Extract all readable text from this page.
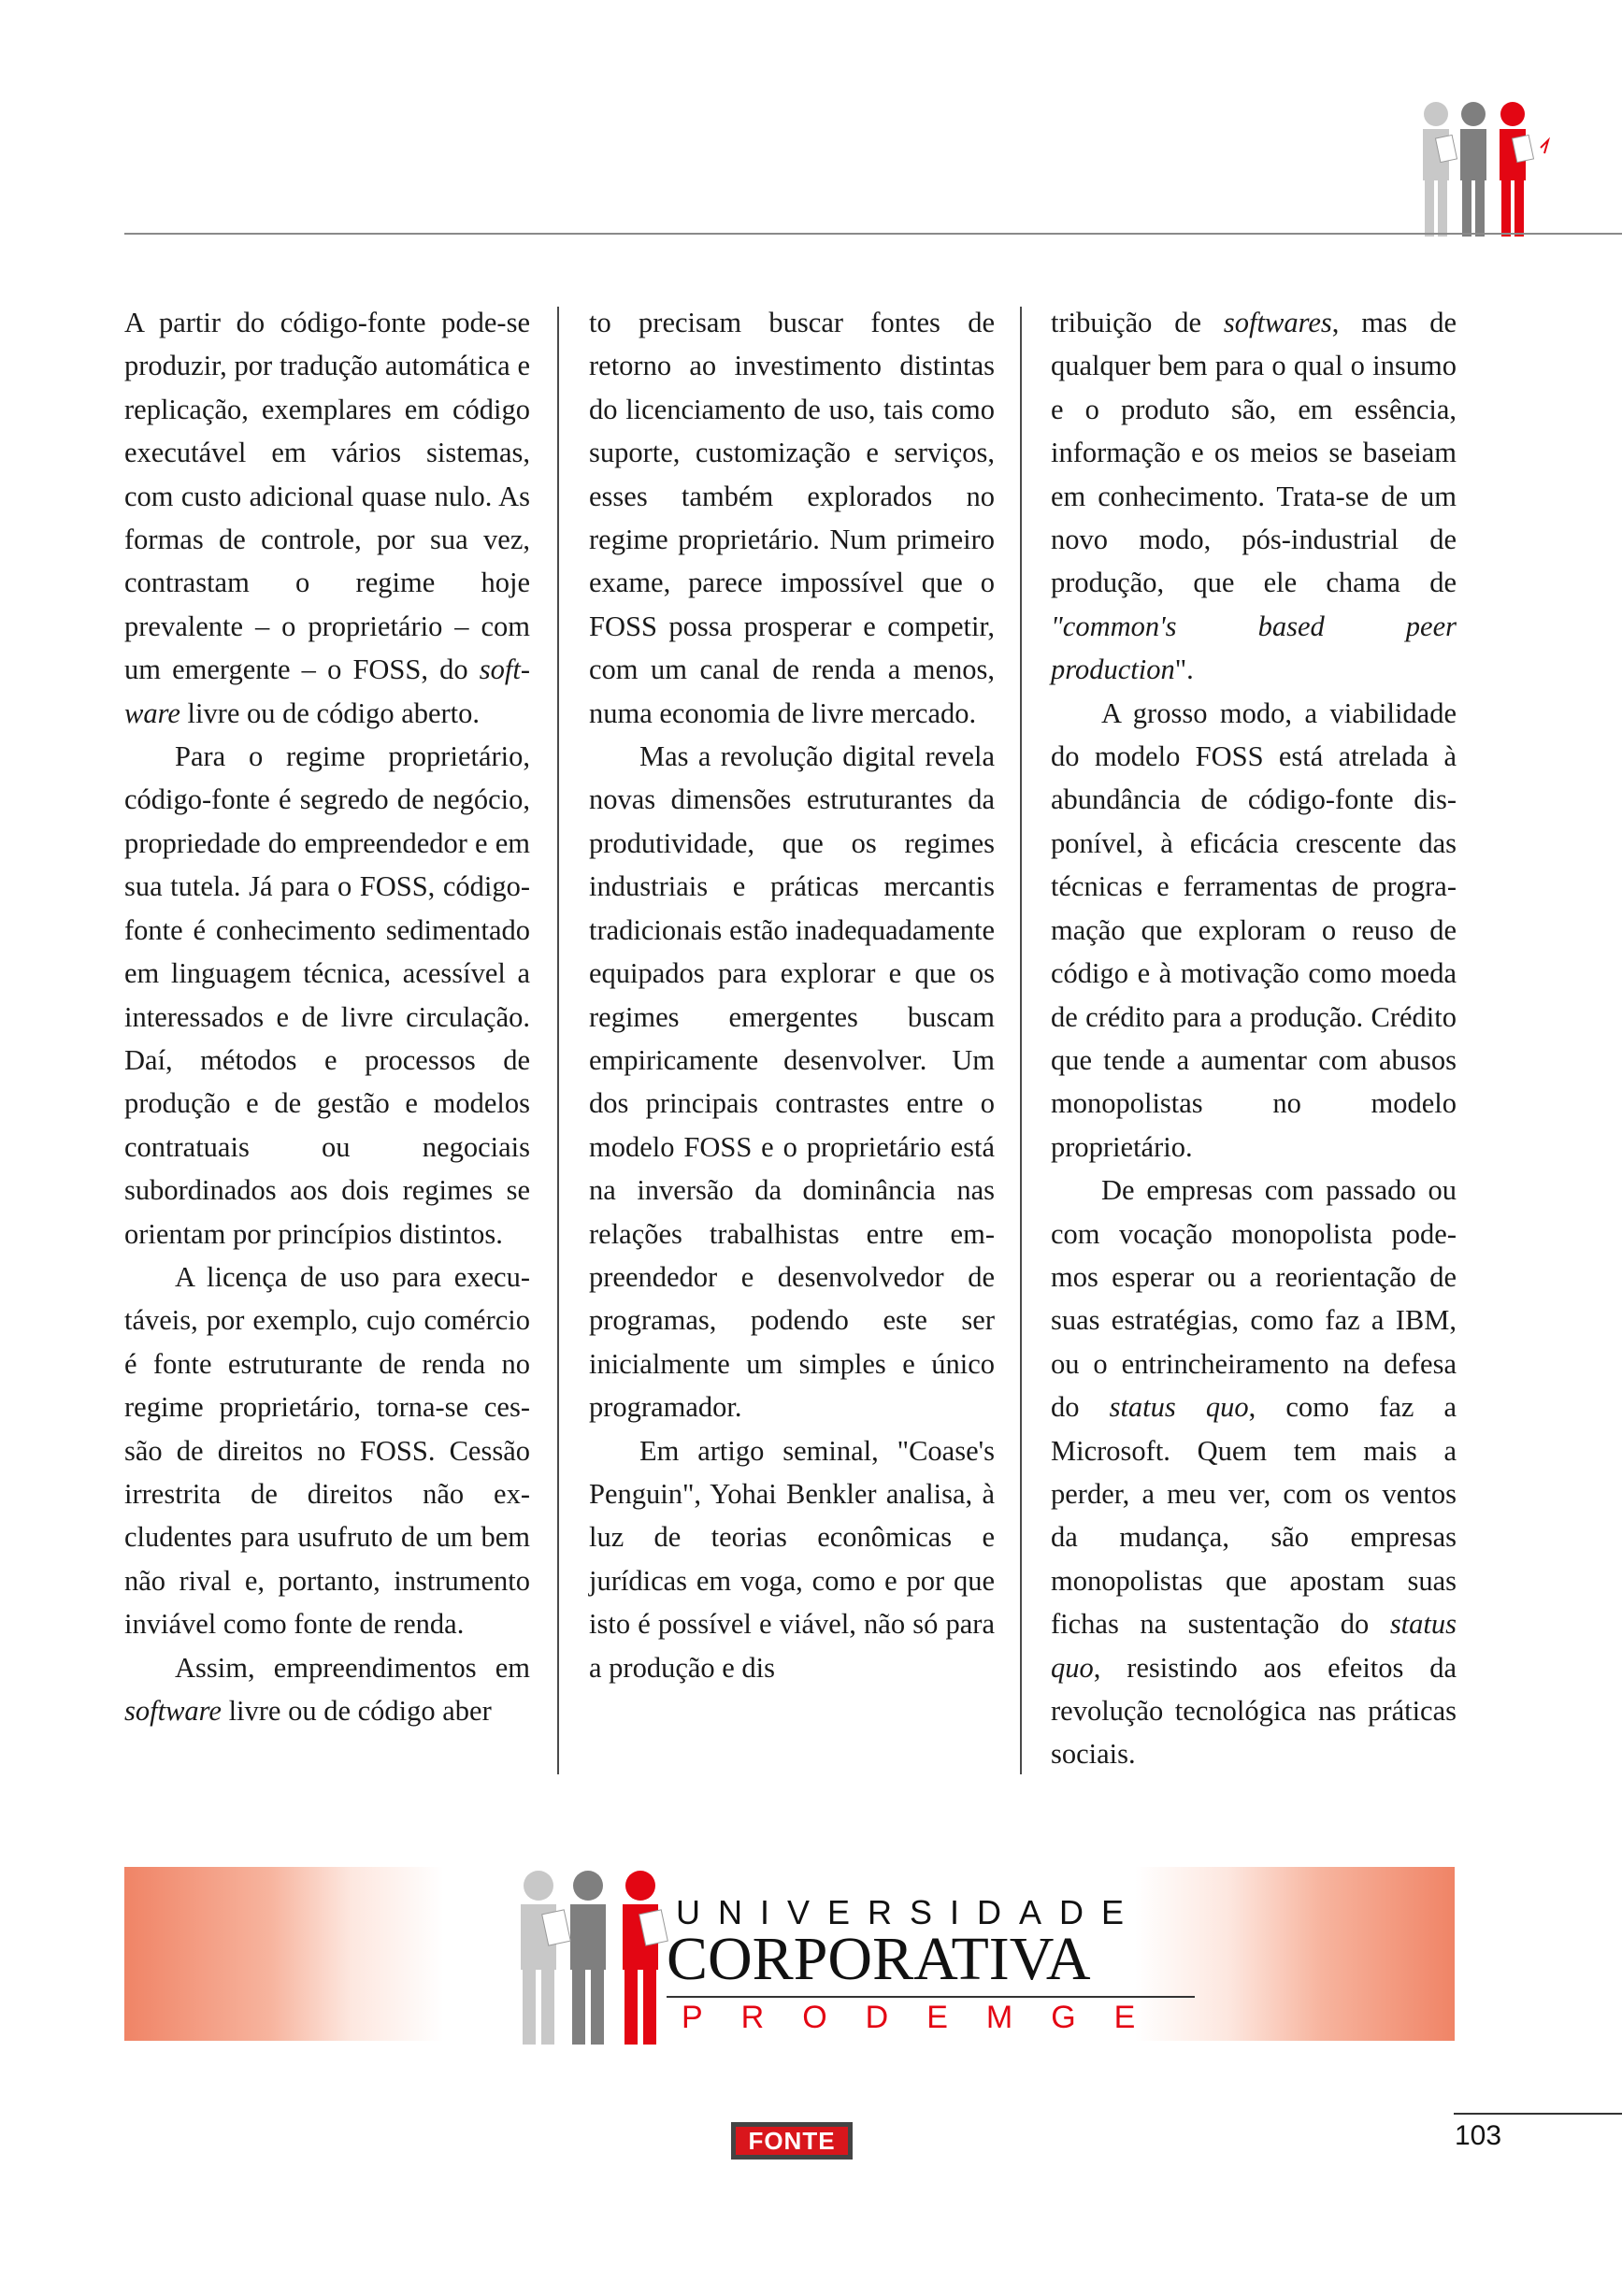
A partir do código-fonte pode-se produzir, por tradução automática e replicação, exemplares em código executável em vários sistemas, com custo adicional quase nulo. As formas de controle, por sua vez, contrastam o regime hoje prevalente – o proprietário – com um emergente – o FOSS, do software livre ou de código aberto.

Para o regime proprietário, código-fonte é segredo de negócio, propriedade do empreendedor e em sua tutela. Já para o FOSS, código-fonte é conhecimento sedimentado em linguagem técnica, acessível a interessados e de livre circulação. Daí, métodos e processos de produção e de gestão e modelos contratuais ou negociais subordinados aos dois regimes se orientam por princípios distintos.

A licença de uso para executáveis, por exemplo, cujo comércio é fonte estruturante de renda no regime proprietário, torna-se cessão de direitos no FOSS. Cessão irrestrita de direitos não excludentes para usufruto de um bem não rival e, portanto, instrumento inviável como fonte de renda.

Assim, empreendimentos em software livre ou de código aber

to precisam buscar fontes de retorno ao investimento distintas do licenciamento de uso, tais como suporte, customização e serviços, esses também explorados no regime proprietário. Num primeiro exame, parece impossível que o FOSS possa prosperar e competir, com um canal de renda a menos, numa economia de livre mercado.

Mas a revolução digital revela novas dimensões estruturantes da produtividade, que os regimes industriais e práticas mercantis tradicionais estão inadequadamente equipados para explorar e que os regimes emergentes buscam empiricamente desenvolver. Um dos principais contrastes entre o modelo FOSS e o proprietário está na inversão da dominância nas relações trabalhistas entre empreendedor e desenvolvedor de programas, podendo este ser inicialmente um simples e único programador.

Em artigo seminal, "Coase's Penguin", Yohai Benkler analisa, à luz de teorias econômicas e jurídicas em voga, como e por que isto é possível e viável, não só para a produção e dis

tribuição de softwares, mas de qualquer bem para o qual o insumo e o produto são, em essência, informação e os meios se baseiam em conhecimento. Trata-se de um novo modo, pós-industrial de produção, que ele chama de "common's based peer production".

A grosso modo, a viabilidade do modelo FOSS está atrelada à abundância de código-fonte disponível, à eficácia crescente das técnicas e ferramentas de programação que exploram o reuso de código e à motivação como moeda de crédito para a produção. Crédito que tende a aumentar com abusos monopolistas no modelo proprietário.

De empresas com passado ou com vocação monopolista podemos esperar ou a reorientação de suas estratégias, como faz a IBM, ou o entrincheiramento na defesa do status quo, como faz a Microsoft. Quem tem mais a perder, a meu ver, com os ventos da mudança, são empresas monopolistas que apostam suas fichas na sustentação do status quo, resistindo aos efeitos da revolução tecnológica nas práticas sociais.

UNIVERSIDADE
CORPORATIVA
PRODEMGE
FONTE	103
